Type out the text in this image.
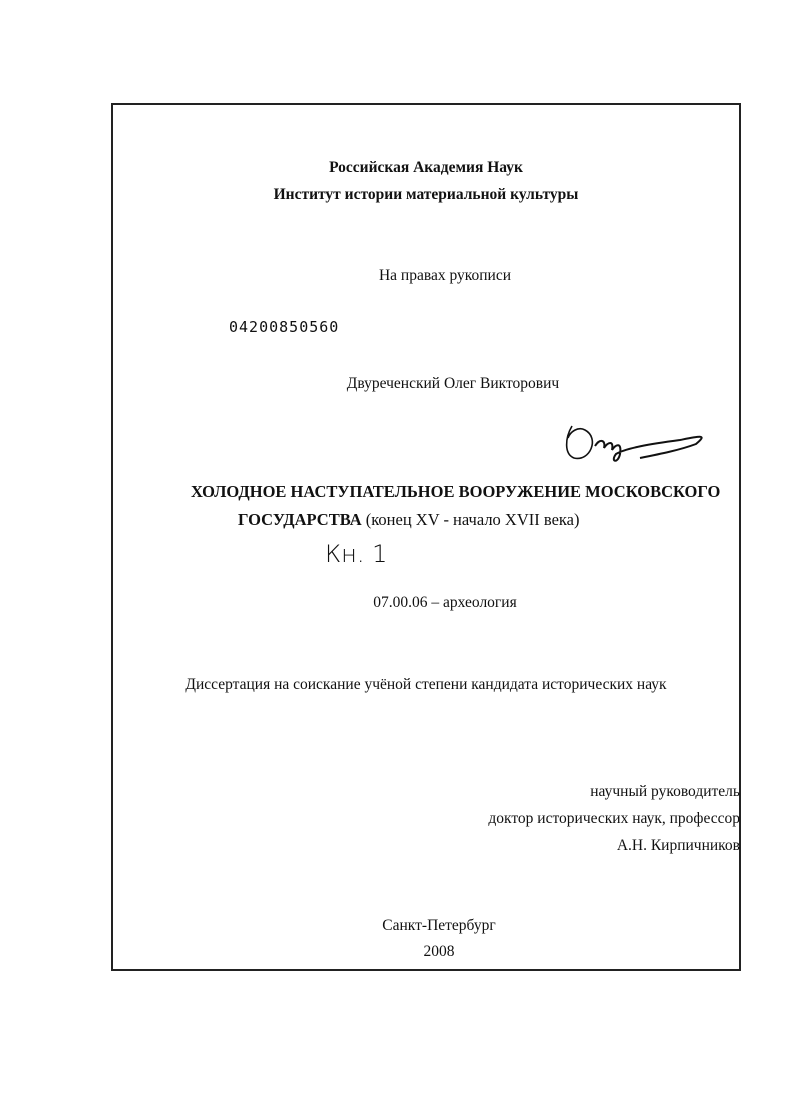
Российская Академия Наук
Институт истории материальной культуры
На правах рукописи
04200850560
Двуреченский Олег Викторович
ХОЛОДНОЕ НАСТУПАТЕЛЬНОЕ ВООРУЖЕНИЕ МОСКОВСКОГО
ГОСУДАРСТВА (конец XV - начало XVII века)
Кн. 1
07.00.06 – археология
Диссертация на соискание учёной степени кандидата исторических наук
научный руководитель
доктор исторических наук, профессор
А.Н. Кирпичников
Санкт-Петербург
2008
